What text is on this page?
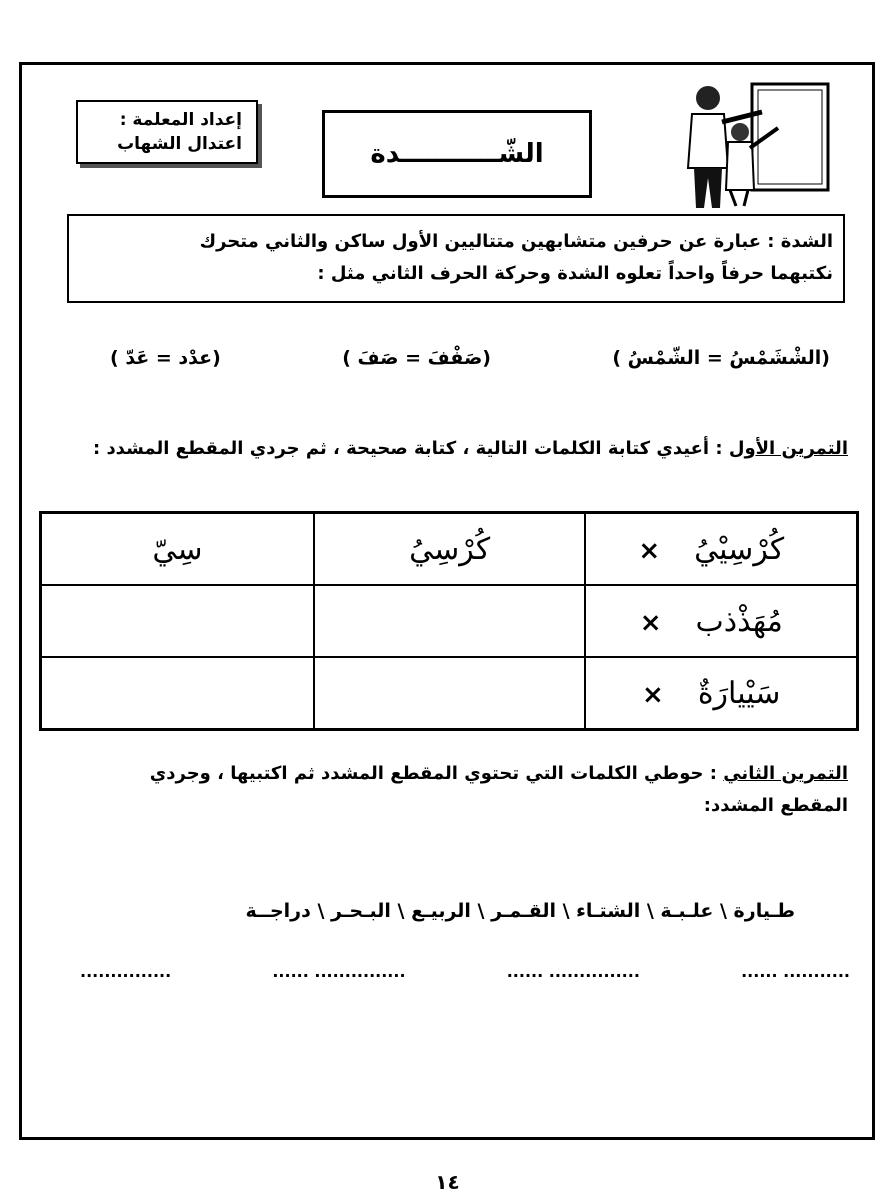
إعداد المعلمة :
اعتدال الشهاب	الشّـــــــــــدة
الشدة : عبارة عن حرفين متشابهين متتاليين الأول ساكن والثاني متحرك
نكتبهما حرفاً واحداً تعلوه الشدة وحركة الحرف الثاني مثل :
(عدْد = عَدّ )	(صَفْفَ = صَفَ )	(الشْشَمْسُ = الشّمْسُ )
التمرين الأول : أعيدي كتابة الكلمات التالية ، كتابة صحيحة ، ثم جردي المقطع المشدد :
كُرْسِيْيُ×	كُرْسِيُ	سِيّ
مُهَذْذب×		
سَيْيارَةٌ×		
التمرين الثاني : حوطي الكلمات التي تحتوي المقطع المشدد ثم اكتبيها ، وجردي المقطع المشدد:
طـيارة \ علـبـة \ الشتـاء \ القـمـر \ الربيـع \ البـحـر \ دراجــة
...... ...........
...... ...............
...... ...............
...............
١٤
